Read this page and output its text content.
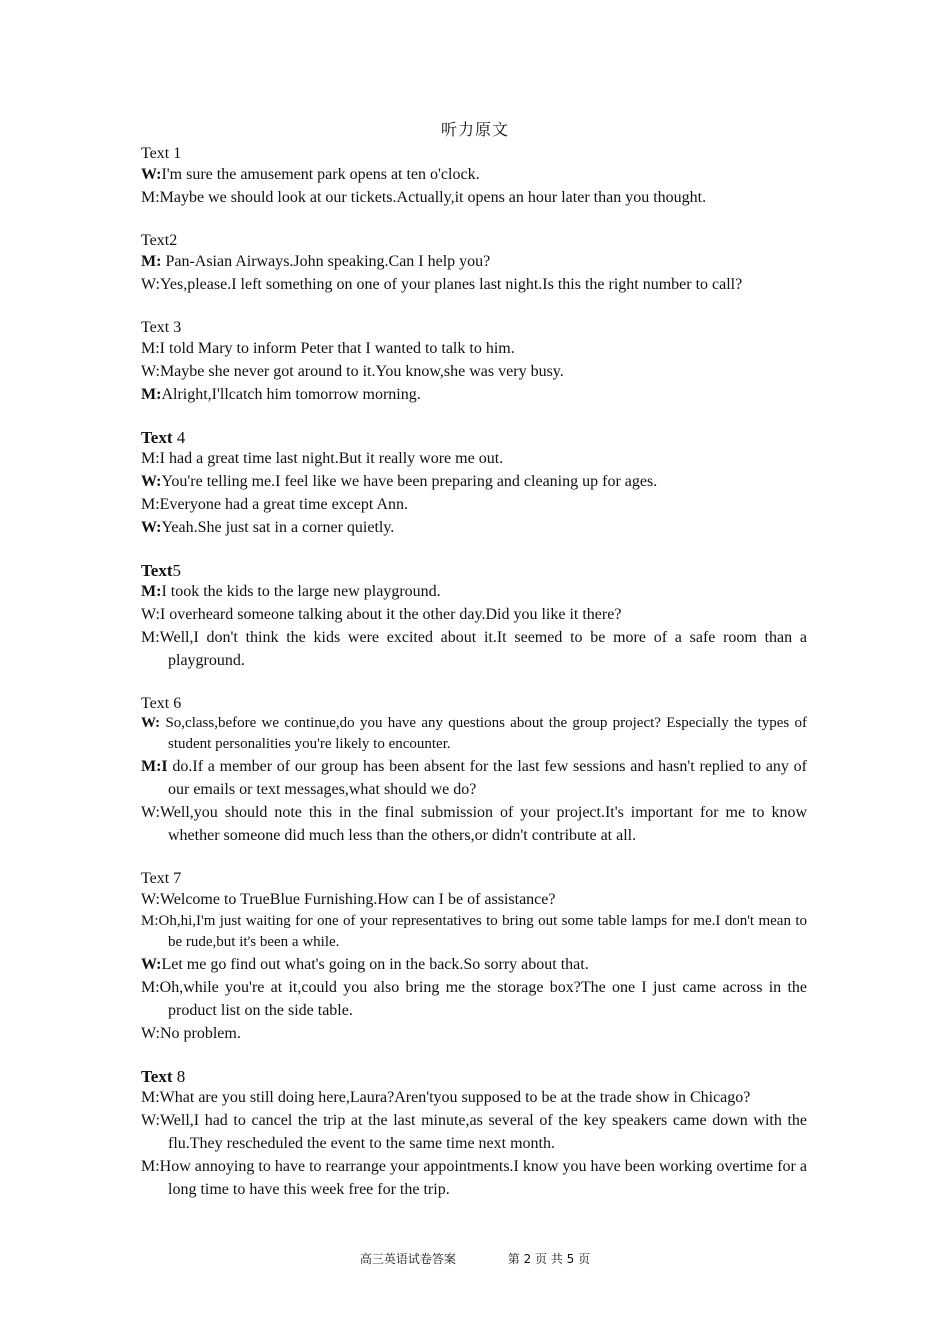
听力原文

Text 1

W:I'm sure the amusement park opens at ten o'clock.

M:Maybe we should look at our tickets.Actually,it opens an hour later than you thought.

Text2

M: Pan-Asian Airways.John speaking.Can I help you?

W:Yes,please.I left something on one of your planes last night.Is this the right number to call?

Text 3

M:I told Mary to inform Peter that I wanted to talk to him.

W:Maybe she never got around to it.You know,she was very busy.

M:Alright,I'llcatch him tomorrow morning.

Text 4

M:I had a great time last night.But it really wore me out.

W:You're telling me.I feel like we have been preparing and cleaning up for ages.

M:Everyone had a great time except Ann.

W:Yeah.She just sat in a corner quietly.

Text5

M:I took the kids to the large new playground.

W:I overheard someone talking about it the other day.Did you like it there?

M:Well,I don't think the kids were excited about it.It seemed to be more of a safe room than a playground.

Text 6

W: So,class,before we continue,do you have any questions about the group project? Especially the types of student personalities you're likely to encounter.

M:I do.If a member of our group has been absent for the last few sessions and hasn't replied to any of our emails or text messages,what should we do?

W:Well,you should note this in the final submission of your project.It's important for me to know whether someone did much less than the others,or didn't contribute at all.

Text 7

W:Welcome to TrueBlue Furnishing.How can I be of assistance?

M:Oh,hi,I'm just waiting for one of your representatives to bring out some table lamps for me.I don't mean to be rude,but it's been a while.

W:Let me go find out what's going on in the back.So sorry about that.

M:Oh,while you're at it,could you also bring me the storage box?The one I just came across in the product list on the side table.

W:No problem.

Text 8

M:What are you still doing here,Laura?Aren'tyou supposed to be at the trade show in Chicago?

W:Well,I had to cancel the trip at the last minute,as several of the key speakers came down with the flu.They rescheduled the event to the same time next month.

M:How annoying to have to rearrange your appointments.I know you have been working overtime for a long time to have this week free for the trip.

高三英语试卷答案	第 2 页 共 5 页
